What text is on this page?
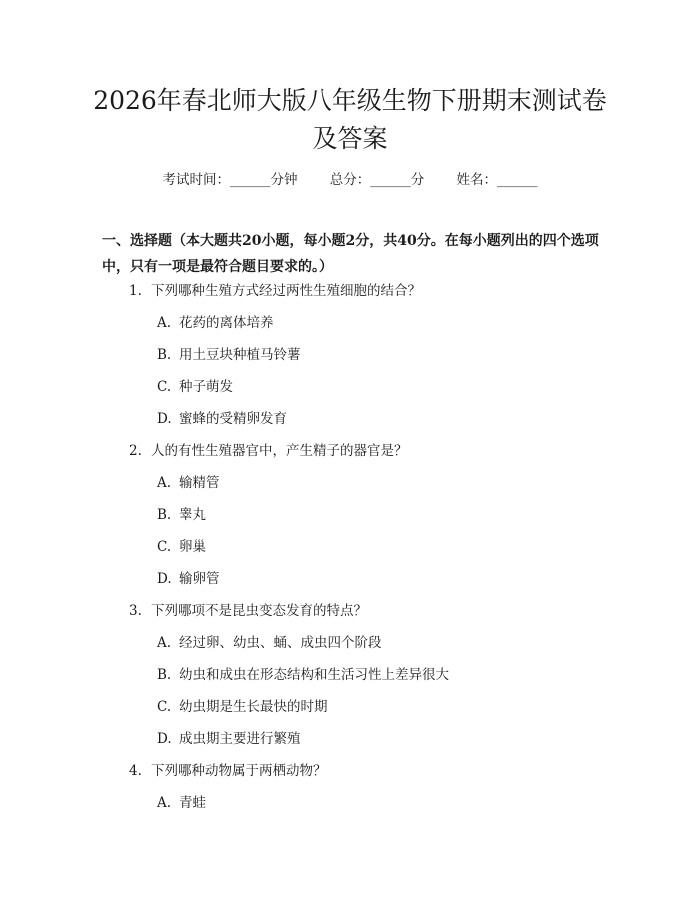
2026年春北师大版八年级生物下册期末测试卷及答案
考试时间：______分钟 总分：______分 姓名：______

一、选择题（本大题共20小题，每小题2分，共40分。在每小题列出的四个选项中，只有一项是最符合题目要求的。）

1. 下列哪种生殖方式经过两性生殖细胞的结合？
A. 花药的离体培养
B. 用土豆块种植马铃薯
C. 种子萌发
D. 蜜蜂的受精卵发育
2. 人的有性生殖器官中，产生精子的器官是？
A. 输精管
B. 睾丸
C. 卵巢
D. 输卵管
3. 下列哪项不是昆虫变态发育的特点？
A. 经过卵、幼虫、蛹、成虫四个阶段
B. 幼虫和成虫在形态结构和生活习性上差异很大
C. 幼虫期是生长最快的时期
D. 成虫期主要进行繁殖
4. 下列哪种动物属于两栖动物？
A. 青蛙
